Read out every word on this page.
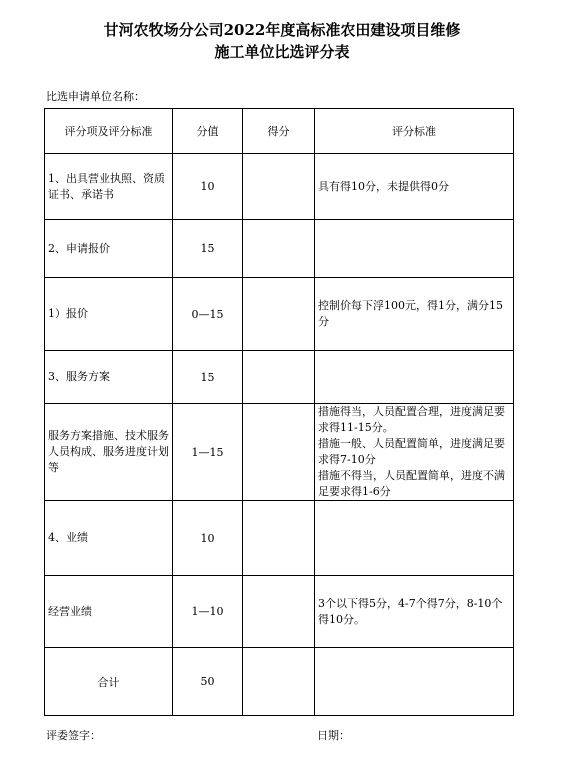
甘河农牧场分公司2022年度高标准农田建设项目维修
施工单位比选评分表
比选申请单位名称：
评分项及评分标准	分值	得分	评分标准
1、出具营业执照、资质证书、承诺书	10		具有得10分，未提供得0分
2、申请报价	15		
1）报价	0—15		控制价每下浮100元，得1分，满分15分
3、服务方案	15		
服务方案措施、技术服务人员构成、服务进度计划等	1—15		措施得当，人员配置合理，进度满足要求得11-15分。
措施一般、人员配置简单，进度满足要求得7-10分
措施不得当，人员配置简单，进度不满足要求得1-6分
4、业绩	10		
经营业绩	1—10		3个以下得5分，4-7个得7分，8-10个得10分。
合计	50		
评委签字：	日期：
